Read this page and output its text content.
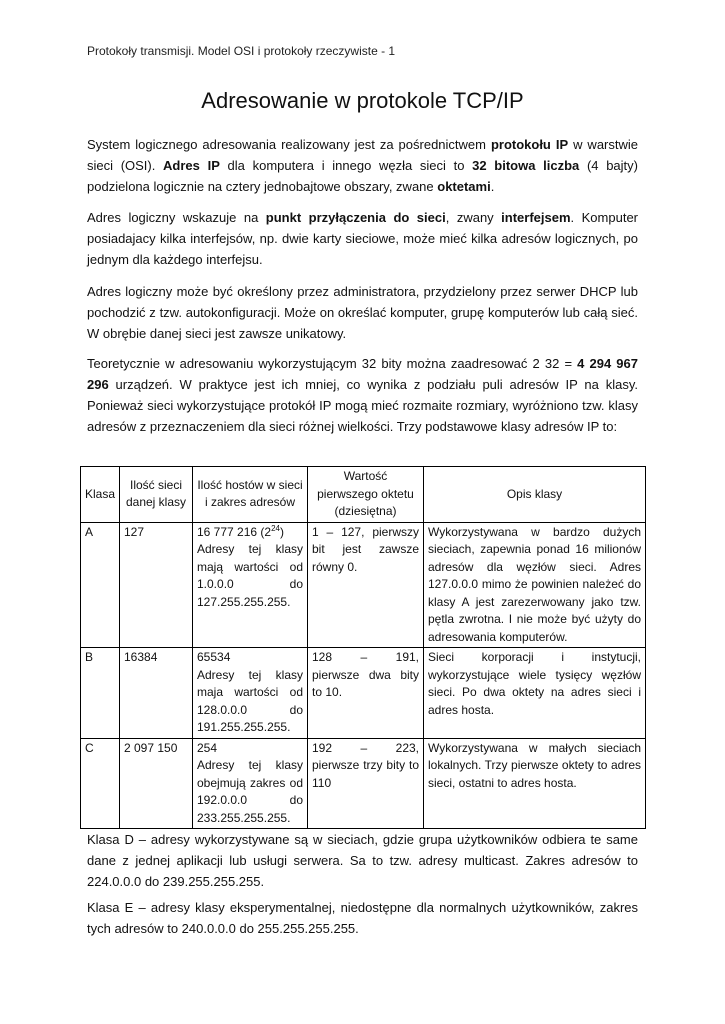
Protokoły transmisji. Model OSI i protokoły rzeczywiste - 1
Adresowanie w protokole TCP/IP

System logicznego adresowania realizowany jest za pośrednictwem protokołu IP w warstwie sieci (OSI). Adres IP dla komputera i innego węzła sieci to 32 bitowa liczba (4 bajty) podzielona logicznie na cztery jednobajtowe obszary, zwane oktetami.

Adres logiczny wskazuje na punkt przyłączenia do sieci, zwany interfejsem. Komputer posiadajacy kilka interfejsów, np. dwie karty sieciowe, może mieć kilka adresów logicznych, po jednym dla każdego interfejsu.

Adres logiczny może być określony przez administratora, przydzielony przez serwer DHCP lub pochodzić z tzw. autokonfiguracji. Może on określać komputer, grupę komputerów lub całą sieć. W obrębie danej sieci jest zawsze unikatowy.

Teoretycznie w adresowaniu wykorzystującym 32 bity można zaadresować 2 32 = 4 294 967 296 urządzeń. W praktyce jest ich mniej, co wynika z podziału puli adresów IP na klasy. Ponieważ sieci wykorzystujące protokół IP mogą mieć rozmaite rozmiary, wyróżniono tzw. klasy adresów z przeznaczeniem dla sieci różnej wielkości. Trzy podstawowe klasy adresów IP to:

Klasa	Ilość sieci danej klasy	Ilość hostów w sieci i zakres adresów	Wartość pierwszego oktetu (dziesiętna)	Opis klasy
A	127	16 777 216 $(2^{24})$
Adresy tej klasy mają wartości od 1.0.0.0 do 127.255.255.255.	1 – 127, pierwszy bit jest zawsze równy 0.	Wykorzystywana w bardzo dużych sieciach, zapewnia ponad 16 milionów adresów dla węzłów sieci. Adres 127.0.0.0 mimo że powinien należeć do klasy A jest zarezerwowany jako tzw. pętla zwrotna. I nie może być użyty do adresowania komputerów.
B	16384	65534
Adresy tej klasy maja wartości od 128.0.0.0 do 191.255.255.255.	128 – 191, pierwsze dwa bity to 10.	Sieci korporacji i instytucji, wykorzystujące wiele tysięcy węzłów sieci. Po dwa oktety na adres sieci i adres hosta.
C	2 097 150	254
Adresy tej klasy obejmują zakres od 192.0.0.0 do 233.255.255.255.	192 – 223, pierwsze trzy bity to 110	Wykorzystywana w małych sieciach lokalnych. Trzy pierwsze oktety to adres sieci, ostatni to adres hosta.

Klasa D – adresy wykorzystywane są w sieciach, gdzie grupa użytkowników odbiera te same dane z jednej aplikacji lub usługi serwera. Sa to tzw. adresy multicast. Zakres adresów to 224.0.0.0 do 239.255.255.255.

Klasa E – adresy klasy eksperymentalnej, niedostępne dla normalnych użytkowników, zakres tych adresów to 240.0.0.0 do 255.255.255.255.
